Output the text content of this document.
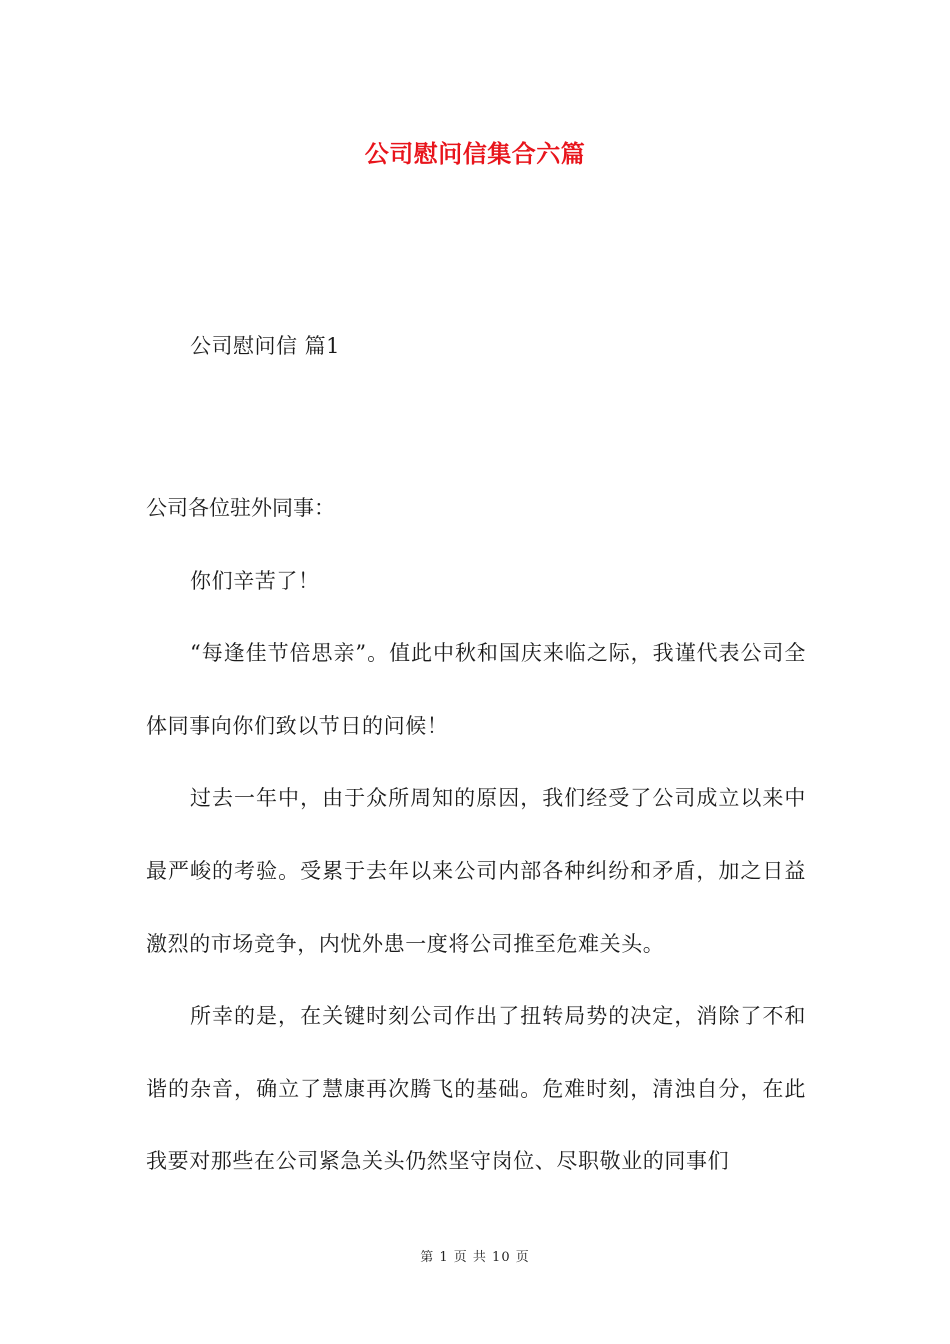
公司慰问信集合六篇
公司慰问信 篇1

公司各位驻外同事：

你们辛苦了！

“每逢佳节倍思亲”。值此中秋和国庆来临之际，我谨代表公司全体同事向你们致以节日的问候！

过去一年中，由于众所周知的原因，我们经受了公司成立以来中最严峻的考验。受累于去年以来公司内部各种纠纷和矛盾，加之日益激烈的市场竞争，内忧外患一度将公司推至危难关头。

所幸的是，在关键时刻公司作出了扭转局势的决定，消除了不和谐的杂音，确立了慧康再次腾飞的基础。危难时刻，清浊自分，在此我要对那些在公司紧急关头仍然坚守岗位、尽职敬业的同事们

第 1 页 共 10 页
